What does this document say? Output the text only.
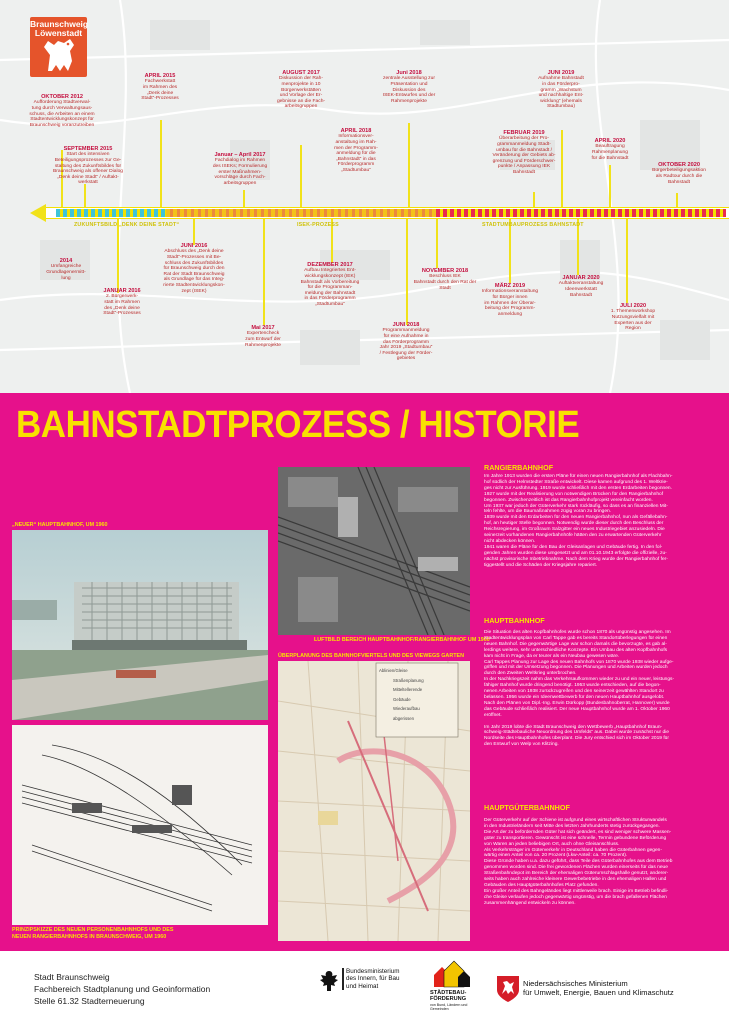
Braunschweig
Löwenstadt
ZUKUNFTSBILD „DENK DEINE STADT“	ISEK-PROZESS	STADTUMBAUPROZESS BAHNSTADT
OKTOBER 2012
Aufforderung Stadtverwal-
tung durch Verwaltungsaus-
schuss, die Arbeiten an einem
Stadtentwicklungskonzept für
Braunschweig voranzutreiben
APRIL 2015
Fachwerkstatt
im Rahmen des
„Denk deine
Stadt“-Prozesses
SEPTEMBER 2015
Start des intensiven
Beteiligungsprozesses zur Ge-
staltung des Zukunftsbildes für
Braunschweig als offener Dialog
„Denk deine Stadt“ / Auftakt-
werkstatt
AUGUST 2017
Diskussion der Rah-
menprojekte in 10
Bürgerwerkstätten
und Vorlage der Er-
gebnisse an die Fach-
arbeitsgruppen
Januar – April 2017
Fachdialog im Rahmen
des ISEKs; Formulierung
erster Maßnahmen-
vorschläge durch Fach-
arbeitsgruppen
APRIL 2018
Informationsver-
anstaltung im Rah-
men der Programm-
anmeldung für die
„Bahnstadt“ in das
Förderprogramm
„Stadtumbau“
Juni 2018
zentrale Ausstellung zur
Präsentation und
Diskussion des
ISEK-Entwurfes und der
Rahmenprojekte
JUNI 2019
Aufnahme Bahnstadt
in das Förderpro-
gramm „Wachstum
und nachhaltige Ent-
wicklung“ (ehemals
Stadtumbau)
FEBRUAR 2019
Überarbeitung der Pro-
grammanmeldung Stadt-
umbau für die Bahnstadt /
Veränderung der Gebiets ab-
grenzung und Förderschwer-
punkte / Anpassung IEK
Bahnstadt
APRIL 2020
Beauftragung
Rahmenplanung
für die Bahnstadt
OKTOBER 2020
Bürgerbeteiligungsaktion
als Radtour durch die
Bahnstadt
2014
Umfangreiche
Grundlagenermitt-
lung
JANUAR 2016
2. Bürgerwerk-
statt im Rahmen
des „Denk deine
Stadt“-Prozesses
JUNI 2016
Abschluss des „Denk deine
Stadt“-Prozesses mit Be-
schluss des Zukunftsbildes
für Braunschweig durch den
Rat der Stadt Braunschweig
als Grundlage für das Integ-
rierte Stadtentwicklungskon-
zept (ISEK)
Mai 2017
Expertencheck
zum Entwurf der
Rahmenprojekte
DEZEMBER 2017
Aufbau Integriertes Ent-
wicklungskonzept (IEK)
Bahnstadt als Vorbereitung
für die Programman-
meldung der Bahnstadt
in das Förderprogramm
„Stadtumbau“
JUNI 2018
Programmanmeldung
für eine Aufnahme in
das Förderprogramm
Jahr 2019 „Stadtumbau“
/ Festlegung der Förder-
gebietes
NOVEMBER 2018
Beschluss IEK
Bahnstadt durch den Rat der
Stadt	MÄRZ 2019
Informationsveranstaltung
für Bürger innen
im Rahmen der Überar-
beitung der Programm-
anmeldung
JANUAR 2020
Auftaktveranstaltung
Ideenwerkstatt
Bahnstadt
JULI 2020
1. Themenworkshop
Nutzungsvielfalt mit
Experten aus der
Region
BAHNSTADTPROZESS / HISTORIE
„NEUER“ HAUPTBAHNHOF, UM 1960
LUFTBILD BEREICH HAUPTBAHNHOF/RANGIERBAHNHOF UM 1960
ÜBERPLANUNG DES BAHNHOFVIERTELS UND DES VIEWEGS GARTEN
Ablinien/Gleise
Straßenplanung
Mitteltellerende
Gebäude
Wiederaufbau
abgerissen
PRINZIPSKIZZE DES NEUEN PERSONENBAHNHOFS UND DES
NEUEN RANGIERBAHNHOFS IN BRAUNSCHWEIG, UM 1960
RANGIERBAHNHOF
Im Jahre 1913 wurden die ersten Pläne für einen neuen Rangierbahnhof als Flachbahn-
hof südlich der Helmstedter Straße entwickelt. Diese kamen aufgrund des 1. Weltkrie-
ges nicht zur Ausführung. 1919 wurde schließlich mit den ersten Erdarbeiten begonnen.
1927 wurde mit der Realisierung von notwendigen Brücken für den Rangierbahnhof
begonnen. Zwischenzeitlich ist das Rangierbahnhofprojekt vereinfacht worden.
Um 1937 war jedoch der Güterverkehr stark rückläufig, so dass es an finanziellen Mit-
teln fehlte, um die Baumaßnahmen zügig voran zu bringen.
1939 wurde mit den Erdarbeiten für den neuen Rangierbahnhof, nun als Gefällebahn-
hof, an heutiger Stelle begonnen. Notwendig wurde dieser durch den Beschluss der
Reichsregierung, im Großraum Salzgitter ein neues Industriegebiet anzusiedeln. Die
seinerzeit vorhandenen Rangierbahnhöfe hätten den zu erwartenden Güterverkehr
nicht abdecken können.
1941 waren die Pläne für den Bau der Gleisanlagen und Gebäude fertig. In den fol-
genden Jahren wurden diese umgesetzt und am 01.10.1943 erfolgte die offizielle, zu-
nächst provisorische Inbetriebnahme. Nach dem Krieg wurde der Rangierbahnhof fer-
tiggestellt und die Schäden der Kriegsjahre repariert.
HAUPTBAHNHOF
Die Situation des alten Kopfbahnhofes wurde schon 1870 als ungünstig angesehen. Im
Stadtentwicklungsplan von Carl Tappe gab es bereits Standortüberlegungen für einen
neuen Bahnhof. Die gegenwärtige Lage war schon damals die bevorzugte, es gab al-
lerdings weitere, sehr unterschiedliche Konzepte. Ein Umbau des alten Kopfbahnhofs
kam nicht in Frage, da er teurer als ein Neubau gewesen wäre.
Carl Tappes Planung zur Lage des neuen Bahnhofs von 1870 wurde 1938 wieder aufge-
griffen und mit der Umsetzung begonnen. Die Planungen und Arbeiten wurden jedoch
durch den Zweiten Weltkrieg unterbrochen.
In der Nachkriegszeit nahm das Verkehrsaufkommen wieder zu und ein neuer, leistungs-
fähiger Bahnhof wurde dringend benötigt. 1953 wurde entschieden, auf die begon-
nenen Arbeiten von 1938 zurückzugreifen und den seinerzeit gewählten Standort zu
belassen. 1956 wurde ein Ideenwettbewerb für den neuen Hauptbahnhof ausgelobt.
Nach den Plänen von Dipl.-Ing. Erwin Dürkopp (Bundesbahnoberrat, Hannover) wurde
das Gebäude schließlich realisiert. Der neue Hauptbahnhof wurde am 1. Oktober 1960
eröffnet.

Im Jahr 2019 lobte die Stadt Braunschweig den Wettbewerb „Hauptbahnhof Braun-
schweig-Städtebauliche Neuordnung des Umfelds“ aus. Dabei wurde zunächst nur die
Nordseite des Hauptbahnhofes überplant. Die Jury entschied sich im Oktober 2019 für
den Entwurf von Welp von Klitzing.
HAUPTGÜTERBAHNHOF
Der Güterverkehr auf der Schiene ist aufgrund eines wirtschaftlichen Strukturwandels
in den Industrieländern seit Mitte des letzten Jahrhunderts stetig zurückgegangen.
Die Art der zu befördernden Güter hat sich geändert, es sind weniger schwere Massen-
güter zu transportieren. Gewünscht ist eine schnelle, Termin gebundene Beförderung
von Waren an jeden beliebigen Ort, auch ohne Gleisanschluss.
Als Verkehrsträger im Güterverkehr in Deutschland haben die Güterbahnen gegen-
wärtig einen Anteil von ca. 20 Prozent (Lkw-Anteil: ca. 70 Prozent).
Diese Gründe haben u.a. dazu geführt, dass Teile des Güterbahnhofes aus dem Betrieb
genommen worden sind. Die frei gewordenen Flächen wurden einerseits für das neue
Straßenbahndepot im Bereich der ehemaligen Güterumschlagshalle genutzt, anderer-
seits haben auch zahlreiche kleinere Gewerbebetriebe in den ehemaligen Hallen und
Gebäuden des Hauptgüterbahnhofes Platz gefunden.
Ein großer Anteil des Bahngeländes liegt mittlerweile brach. Einige im Betrieb befindli-
che Gleise verlaufen jedoch gegenwärtig ungünstig, um die brach gefallenen Flächen
zusammenhängend entwickeln zu können.
Stadt Braunschweig
Fachbereich Stadtplanung und Geoinformation
Stelle 61.32 Stadterneuerung
Bundesministerium
des Innern, für Bau
und Heimat
STÄDTEBAU-
FÖRDERUNG
von Bund, Ländern und
Gemeinden
Niedersächsisches Ministerium
für Umwelt, Energie, Bauen und Klimaschutz
